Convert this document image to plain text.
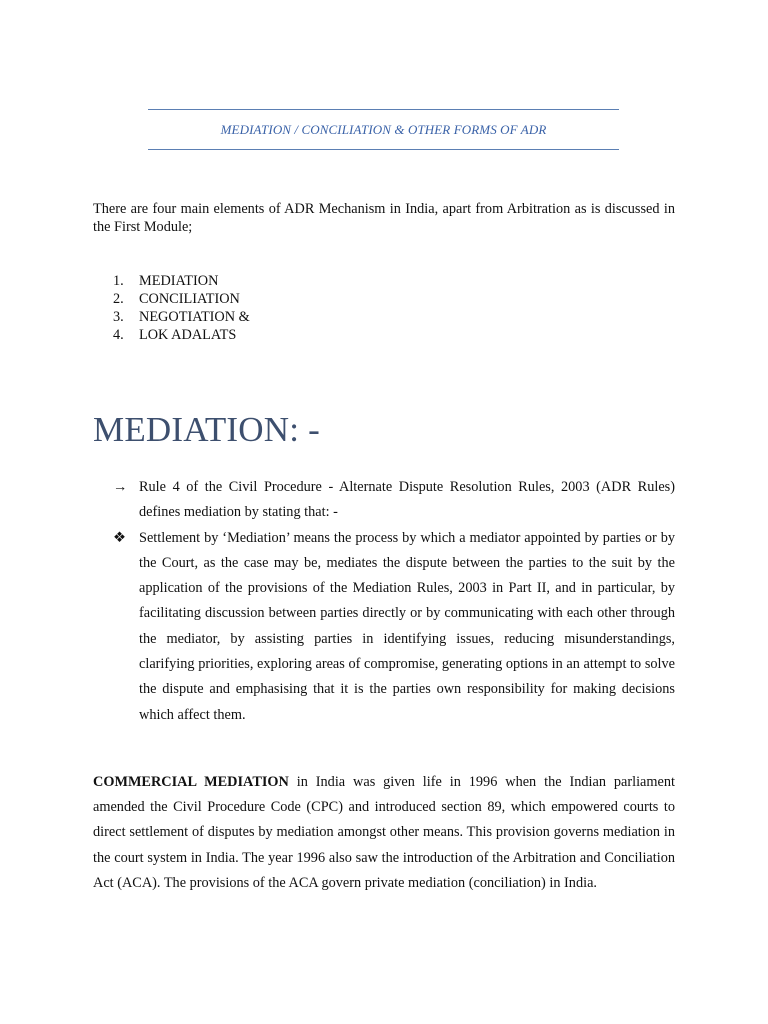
MEDIATION / CONCILIATION & OTHER FORMS OF ADR

There are four main elements of ADR Mechanism in India, apart from Arbitration as is discussed in the First Module;

1.	MEDIATION
2.	CONCILIATION
3.	NEGOTIATION &
4.	LOK ADALATS
MEDIATION: -
→ Rule 4 of the Civil Procedure - Alternate Dispute Resolution Rules, 2003 (ADR Rules) defines mediation by stating that: -
❖ Settlement by ‘Mediation’ means the process by which a mediator appointed by parties or by the Court, as the case may be, mediates the dispute between the parties to the suit by the application of the provisions of the Mediation Rules, 2003 in Part II, and in particular, by facilitating discussion between parties directly or by communicating with each other through the mediator, by assisting parties in identifying issues, reducing misunderstandings, clarifying priorities, exploring areas of compromise, generating options in an attempt to solve the dispute and emphasising that it is the parties own responsibility for making decisions which affect them.

COMMERCIAL MEDIATION in India was given life in 1996 when the Indian parliament amended the Civil Procedure Code (CPC) and introduced section 89, which empowered courts to direct settlement of disputes by mediation amongst other means. This provision governs mediation in the court system in India. The year 1996 also saw the introduction of the Arbitration and Conciliation Act (ACA). The provisions of the ACA govern private mediation (conciliation) in India.
